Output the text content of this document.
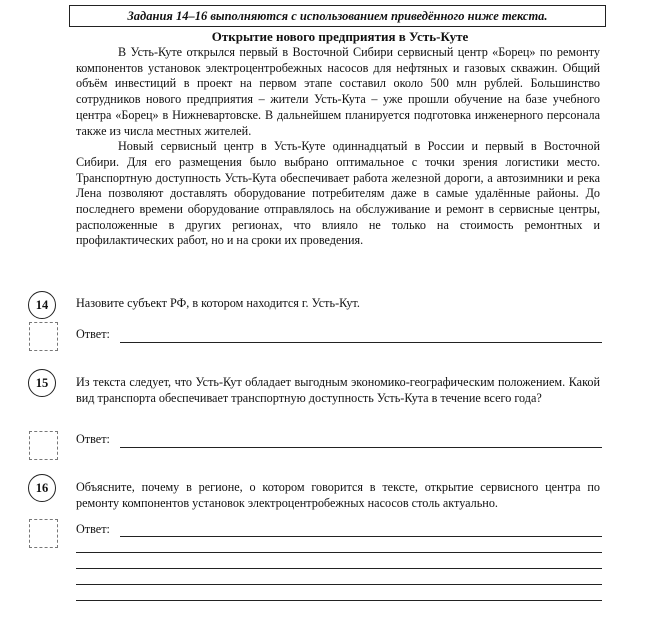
Задания 14–16 выполняются с использованием приведённого ниже текста.
Открытие нового предприятия в Усть-Куте

В Усть-Куте открылся первый в Восточной Сибири сервисный центр «Борец» по ремонту компонентов установок электроцентробежных насосов для нефтяных и газовых скважин. Общий объём инвестиций в проект на первом этапе составил около 500 млн рублей. Большинство сотрудников нового предприятия – жители Усть-Кута – уже прошли обучение на базе учебного центра «Борец» в Нижневартовске. В дальнейшем планируется подготовка инженерного персонала также из числа местных жителей.

Новый сервисный центр в Усть-Куте одиннадцатый в России и первый в Восточной Сибири. Для его размещения было выбрано оптимальное с точки зрения логистики место. Транспортную доступность Усть-Кута обеспечивает работа железной дороги, а автозимники и река Лена позволяют доставлять оборудование потребителям даже в самые удалённые районы. До последнего времени оборудование отправлялось на обслуживание и ремонт в сервисные центры, расположенные в других регионах, что влияло не только на стоимость ремонтных и профилактических работ, но и на сроки их проведения.

14	Назовите субъект РФ, в котором находится г. Усть-Кут.
Ответ:
15	Из текста следует, что Усть-Кут обладает выгодным экономико-географическим положением. Какой вид транспорта обеспечивает транспортную доступность Усть-Кута в течение всего года?
Ответ:
16	Объясните, почему в регионе, о котором говорится в тексте, открытие сервисного центра по ремонту компонентов установок электроцентробежных насосов столь актуально.
Ответ:
